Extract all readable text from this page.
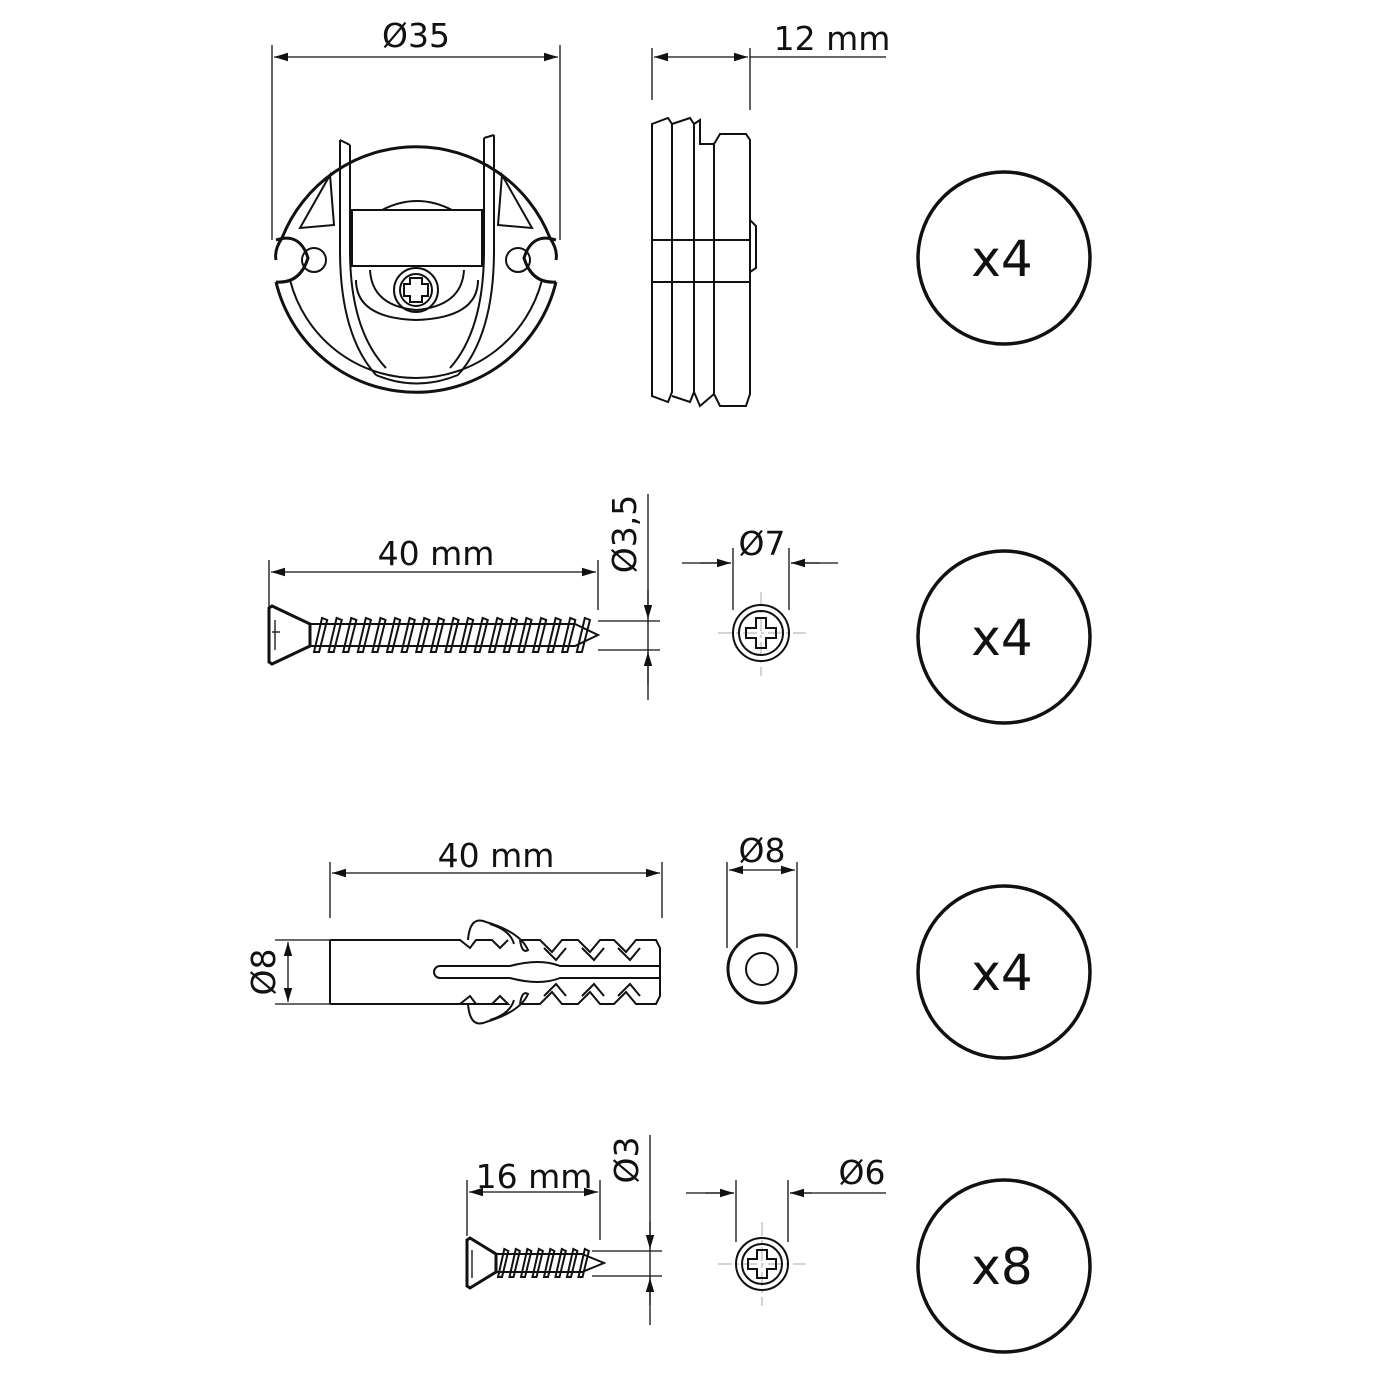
Ø35	12 mm
x4
Ø3,5
40 mm	Ø7
x4
Ø8
40 mm	Ø8
x4
Ø3
16 mm	Ø6
x8
